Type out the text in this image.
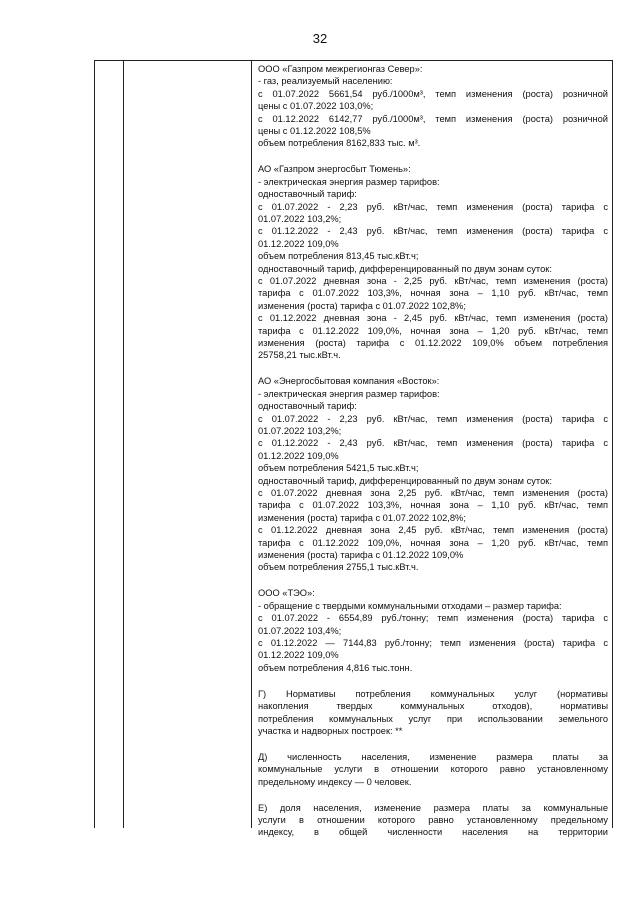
32
ООО «Газпром межрегионгаз Север»:
- газ, реализуемый населению:
с 01.07.2022 5661,54 руб./1000м³, темп изменения (роста) розничной
цены с 01.07.2022 103,0%;
с 01.12.2022 6142,77 руб./1000м³, темп изменения (роста) розничной
цены с 01.12.2022 108,5%
объем потребления 8162,833 тыс. м³.
АО «Газпром энергосбыт Тюмень»:
- электрическая энергия размер тарифов:
одноставочный тариф:
с 01.07.2022 - 2,23 руб. кВт/час, темп изменения (роста) тарифа с
01.07.2022 103,2%;
с 01.12.2022 - 2,43 руб. кВт/час, темп изменения (роста) тарифа с
01.12.2022 109,0%
объем потребления 813,45 тыс.кВт.ч;
одноставочный тариф, дифференцированный по двум зонам суток:
с 01.07.2022 дневная зона - 2,25 руб. кВт/час, темп изменения (роста)
тарифа с 01.07.2022 103,3%, ночная зона – 1,10 руб. кВт/час, темп
изменения (роста) тарифа с 01.07.2022 102,8%;
с 01.12.2022 дневная зона - 2,45 руб. кВт/час, темп изменения (роста)
тарифа с 01.12.2022 109,0%, ночная зона – 1,20 руб. кВт/час, темп
изменения (роста) тарифа с 01.12.2022 109,0% объем потребления
25758,21 тыс.кВт.ч.
АО «Энергосбытовая компания «Восток»:
- электрическая энергия размер тарифов:
одноставочный тариф:
с 01.07.2022 - 2,23 руб. кВт/час, темп изменения (роста) тарифа с
01.07.2022 103,2%;
с 01.12.2022 - 2,43 руб. кВт/час, темп изменения (роста) тарифа с
01.12.2022 109,0%
объем потребления 5421,5 тыс.кВт.ч;
одноставочный тариф, дифференцированный по двум зонам суток:
с 01.07.2022 дневная зона 2,25 руб. кВт/час, темп изменения (роста)
тарифа с 01.07.2022 103,3%, ночная зона – 1,10 руб. кВт/час, темп
изменения (роста) тарифа с 01.07.2022 102,8%;
с 01.12.2022 дневная зона 2,45 руб. кВт/час, темп изменения (роста)
тарифа с 01.12.2022 109,0%, ночная зона – 1,20 руб. кВт/час, темп
изменения (роста) тарифа с 01.12.2022 109,0%
объем потребления 2755,1 тыс.кВт.ч.
ООО «ТЭО»:
- обращение с твердыми коммунальными отходами – размер тарифа:
с 01.07.2022 - 6554,89 руб./тонну; темп изменения (роста) тарифа с
01.07.2022 103,4%;
с 01.12.2022 — 7144,83 руб./тонну; темп изменения (роста) тарифа с
01.12.2022 109,0%
объем потребления 4,816 тыс.тонн.
Г) Нормативы потребления коммунальных услуг (нормативы
накопления твердых коммунальных отходов), нормативы
потребления коммунальных услуг при использовании земельного
участка и надворных построек: **
Д) численность населения, изменение размера платы за
коммунальные услуги в отношении которого равно установленному
предельному индексу — 0 человек.
Е) доля населения, изменение размера платы за коммунальные
услуги в отношении которого равно установленному предельному
индексу, в общей численности населения на территории
